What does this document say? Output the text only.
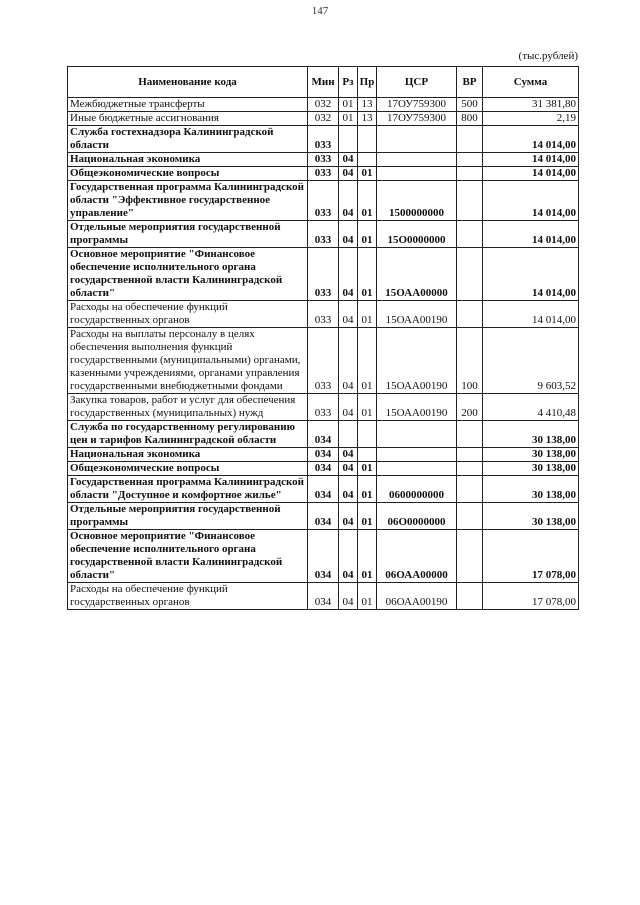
147
(тыс.рублей)
Наименование кода	Мин	Рз	Пр	ЦСР	ВР	Сумма
Межбюджетные трансферты	032	01	13	17ОУ759300	500	31 381,80
Иные бюджетные ассигнования	032	01	13	17ОУ759300	800	2,19
Служба гостехнадзора Калининградской области	033					14 014,00
Национальная экономика	033	04				14 014,00
Общеэкономические вопросы	033	04	01			14 014,00
Государственная программа Калининградской области "Эффективное государственное управление"	033	04	01	1500000000		14 014,00
Отдельные мероприятия государственной программы	033	04	01	15О0000000		14 014,00
Основное мероприятие "Финансовое обеспечение исполнительного органа государственной власти Калининградской области"	033	04	01	15ОАА00000		14 014,00
Расходы на обеспечение функций государственных органов	033	04	01	15ОАА00190		14 014,00
Расходы на выплаты персоналу в целях обеспечения выполнения функций государственными (муниципальными) органами, казенными учреждениями, органами управления государственными внебюджетными фондами	033	04	01	15ОАА00190	100	9 603,52
Закупка товаров, работ и услуг для обеспечения государственных (муниципальных) нужд	033	04	01	15ОАА00190	200	4 410,48
Служба по государственному регулированию цен и тарифов Калининградской области	034					30 138,00
Национальная экономика	034	04				30 138,00
Общеэкономические вопросы	034	04	01			30 138,00
Государственная программа Калининградской области "Доступное и комфортное жилье"	034	04	01	0600000000		30 138,00
Отдельные мероприятия государственной программы	034	04	01	06О0000000		30 138,00
Основное мероприятие "Финансовое обеспечение исполнительного органа государственной власти Калининградской области"	034	04	01	06ОАА00000		17 078,00
Расходы на обеспечение функций государственных органов	034	04	01	06ОАА00190		17 078,00
